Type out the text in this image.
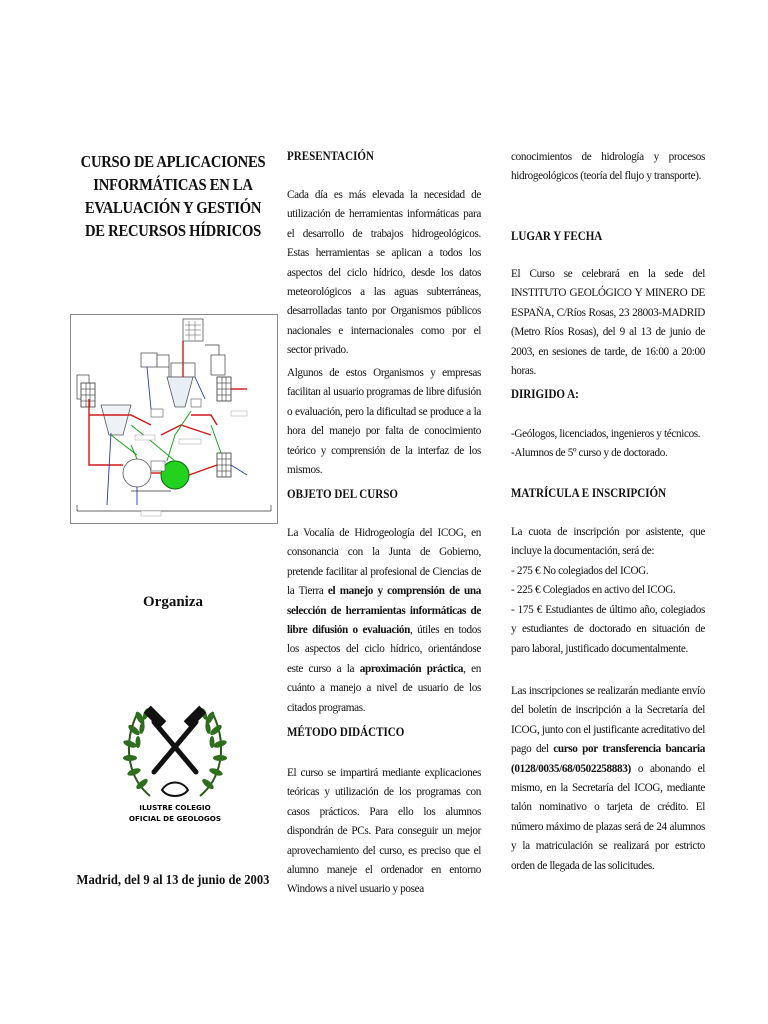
CURSO DE APLICACIONES INFORMÁTICAS EN LA EVALUACIÓN Y GESTIÓN DE RECURSOS HÍDRICOS
Organiza
ILUSTRE COLEGIO
OFICIAL DE GEOLOGOS
Madrid, del 9 al 13 de junio de 2003
PRESENTACIÓN
Cada día es más elevada la necesidad de utilización de herramientas informáticas para el desarrollo de trabajos hidrogeológicos. Estas herramientas se aplican a todos los aspectos del ciclo hídrico, desde los datos meteorológicos a las aguas subterráneas, desarrolladas tanto por Organismos públicos nacionales e internacionales como por el sector privado.
Algunos de estos Organismos y empresas facilitan al usuario programas de libre difusión o evaluación, pero la dificultad se produce a la hora del manejo por falta de conocimiento teórico y comprensión de la interfaz de los mismos.
OBJETO DEL CURSO
La Vocalía de Hidrogeología del ICOG, en consonancia con la Junta de Gobierno, pretende facilitar al profesional de Ciencias de la Tierra el manejo y comprensión de una selección de herramientas informáticas de libre difusión o evaluación, útiles en todos los aspectos del ciclo hídrico, orientándose este curso a la aproximación práctica, en cuánto a manejo a nivel de usuario de los citados programas.
MÉTODO DIDÁCTICO
El curso se impartirá mediante explicaciones teóricas y utilización de los programas con casos prácticos. Para ello los alumnos dispondrán de PCs. Para conseguir un mejor aprovechamiento del curso, es preciso que el alumno maneje el ordenador en entorno Windows a nivel usuario y posea
conocimientos de hidrología y procesos hidrogeológicos (teoría del flujo y transporte).
LUGAR Y FECHA
El Curso se celebrará en la sede del INSTITUTO GEOLÓGICO Y MINERO DE ESPAÑA, C/Ríos Rosas, 23 28003-MADRID (Metro Ríos Rosas), del 9 al 13 de junio de 2003, en sesiones de tarde, de 16:00 a 20:00 horas.
DIRIGIDO A:
-Geólogos, licenciados, ingenieros y técnicos.
-Alumnos de 5º curso y de doctorado.
MATRÍCULA E INSCRIPCIÓN
La cuota de inscripción por asistente, que incluye la documentación, será de:
- 275 € No colegiados del ICOG.
- 225 € Colegiados en activo del ICOG.
- 175 € Estudiantes de último año, colegiados y estudiantes de doctorado en situación de paro laboral, justificado documentalmente.
Las inscripciones se realizarán mediante envío del boletín de inscripción a la Secretaría del ICOG, junto con el justificante acreditativo del pago del curso por transferencia bancaria (0128/0035/68/0502258883) o abonando el mismo, en la Secretaría del ICOG, mediante talón nominativo o tarjeta de crédito. El número máximo de plazas será de 24 alumnos y la matriculación se realizará por estricto orden de llegada de las solicitudes.
